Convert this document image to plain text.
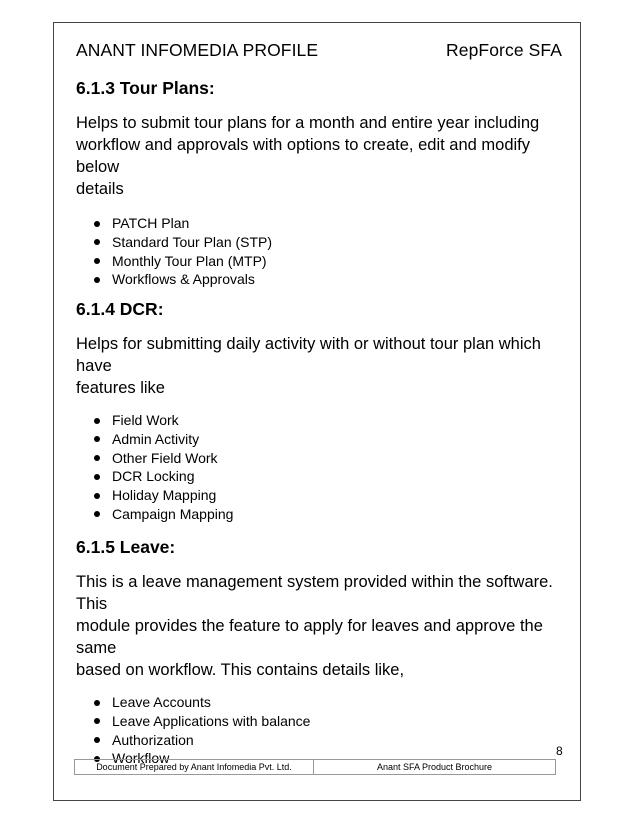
ANANT INFOMEDIA PROFILE	RepForce SFA
6.1.3 Tour Plans:

Helps to submit tour plans for a month and entire year including

workflow and approvals with options to create, edit and modify below

details

PATCH Plan
Standard Tour Plan (STP)
Monthly Tour Plan (MTP)
Workflows & Approvals
6.1.4 DCR:

Helps for submitting daily activity with or without tour plan which have

features like

Field Work
Admin Activity
Other Field Work
DCR Locking
Holiday Mapping
Campaign Mapping
6.1.5 Leave:

This is a leave management system provided within the software. This

module provides the feature to apply for leaves and approve the same

based on workflow. This contains details like,

Leave Accounts
Leave Applications with balance
Authorization
Workflow	8
Document Prepared by Anant Infomedia Pvt. Ltd.	Anant SFA Product Brochure
